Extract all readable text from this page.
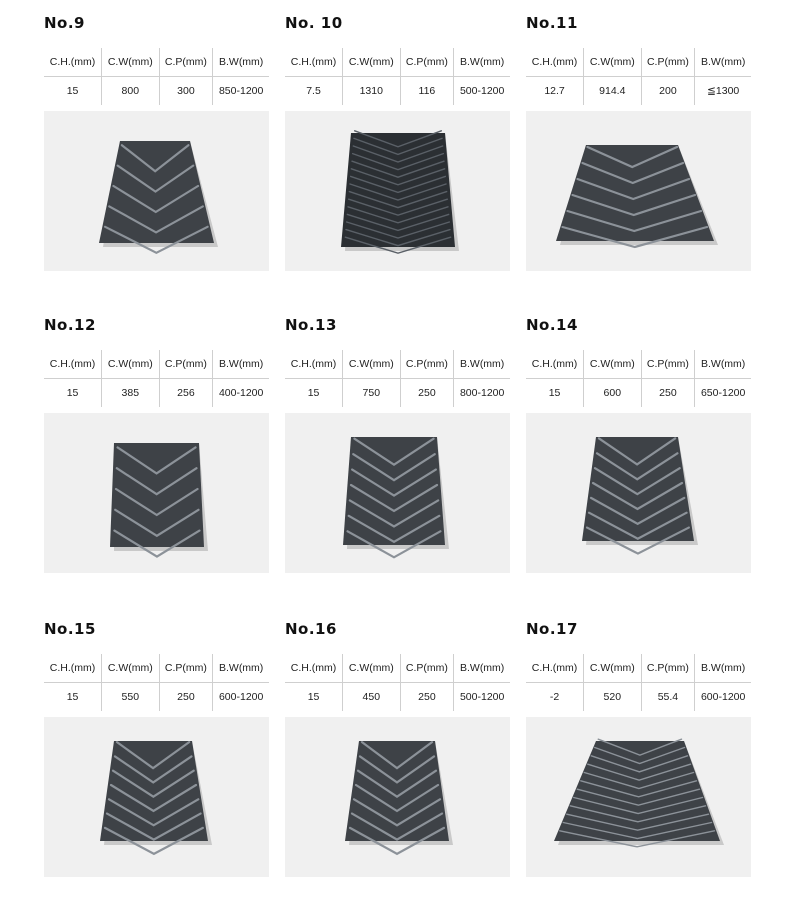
No.9
C.H.(mm)	C.W(mm)	C.P(mm)	B.W(mm)
15	800	300	850-1200
No. 10
C.H.(mm)	C.W(mm)	C.P(mm)	B.W(mm)
7.5	1310	116	500-1200
No.11
C.H.(mm)	C.W(mm)	C.P(mm)	B.W(mm)
12.7	914.4	200	≦1300
No.12
C.H.(mm)	C.W(mm)	C.P(mm)	B.W(mm)
15	385	256	400-1200
No.13
C.H.(mm)	C.W(mm)	C.P(mm)	B.W(mm)
15	750	250	800-1200
No.14
C.H.(mm)	C.W(mm)	C.P(mm)	B.W(mm)
15	600	250	650-1200
No.15
C.H.(mm)	C.W(mm)	C.P(mm)	B.W(mm)
15	550	250	600-1200
No.16
C.H.(mm)	C.W(mm)	C.P(mm)	B.W(mm)
15	450	250	500-1200
No.17
C.H.(mm)	C.W(mm)	C.P(mm)	B.W(mm)
-2	520	55.4	600-1200
